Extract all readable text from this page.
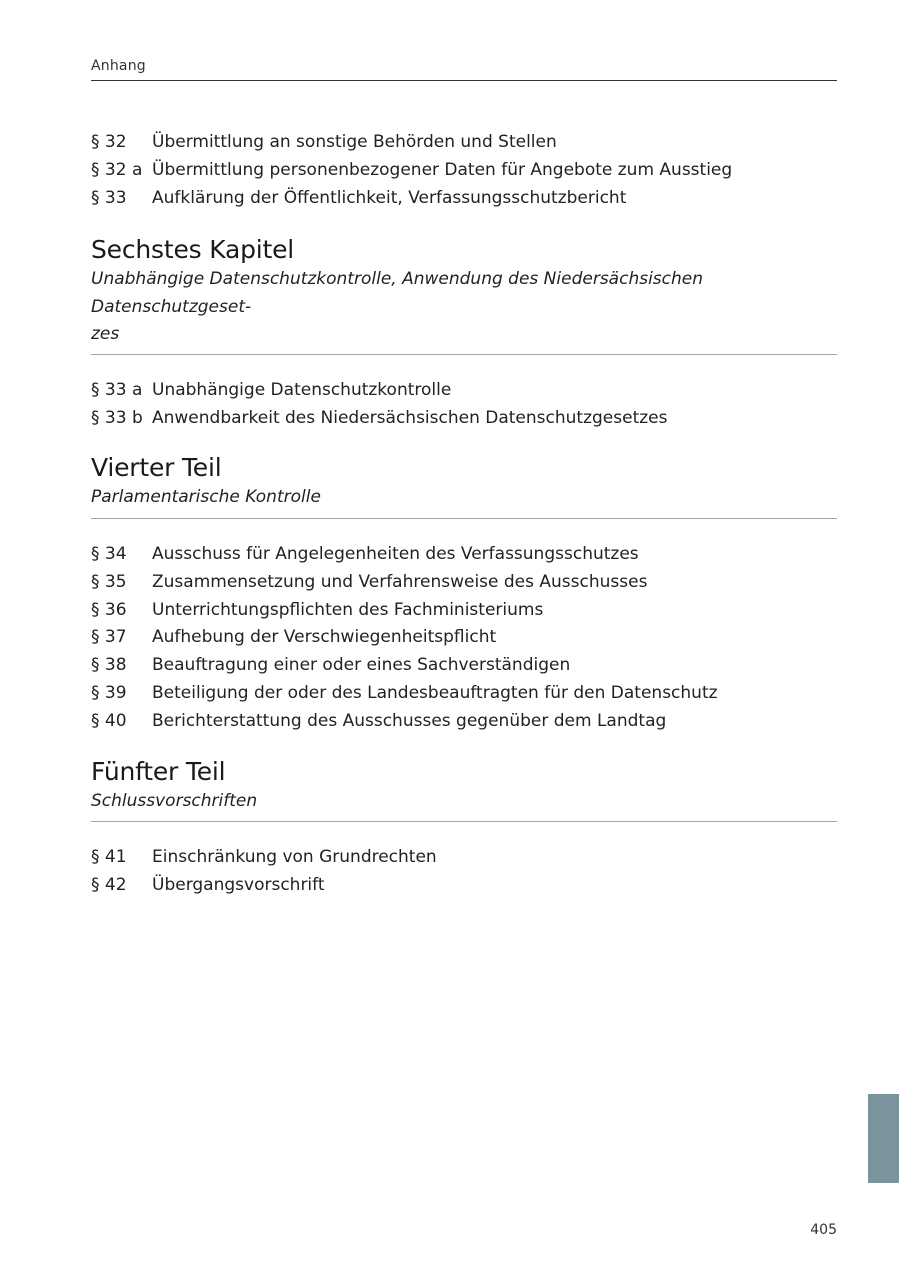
Anhang
§ 32	Übermittlung an sonstige Behörden und Stellen
§ 32 a Übermittlung personenbezogener Daten für Angebote zum Ausstieg
§ 33	Aufklärung der Öffentlichkeit, Verfassungsschutzbericht
Sechstes Kapitel

Unabhängige Datenschutzkontrolle, Anwendung des Niedersächsischen Datenschutzgeset-
zes

§ 33 a Unabhängige Datenschutzkontrolle
§ 33 b Anwendbarkeit des Niedersächsischen Datenschutzgesetzes
Vierter Teil

Parlamentarische Kontrolle

§ 34	Ausschuss für Angelegenheiten des Verfassungsschutzes
§ 35	Zusammensetzung und Verfahrensweise des Ausschusses
§ 36	Unterrichtungspflichten des Fachministeriums
§ 37	Aufhebung der Verschwiegenheitspflicht
§ 38	Beauftragung einer oder eines Sachverständigen
§ 39	Beteiligung der oder des Landesbeauftragten für den Datenschutz
§ 40	Berichterstattung des Ausschusses gegenüber dem Landtag
Fünfter Teil

Schlussvorschriften

§ 41	Einschränkung von Grundrechten
§ 42	Übergangsvorschrift
405
